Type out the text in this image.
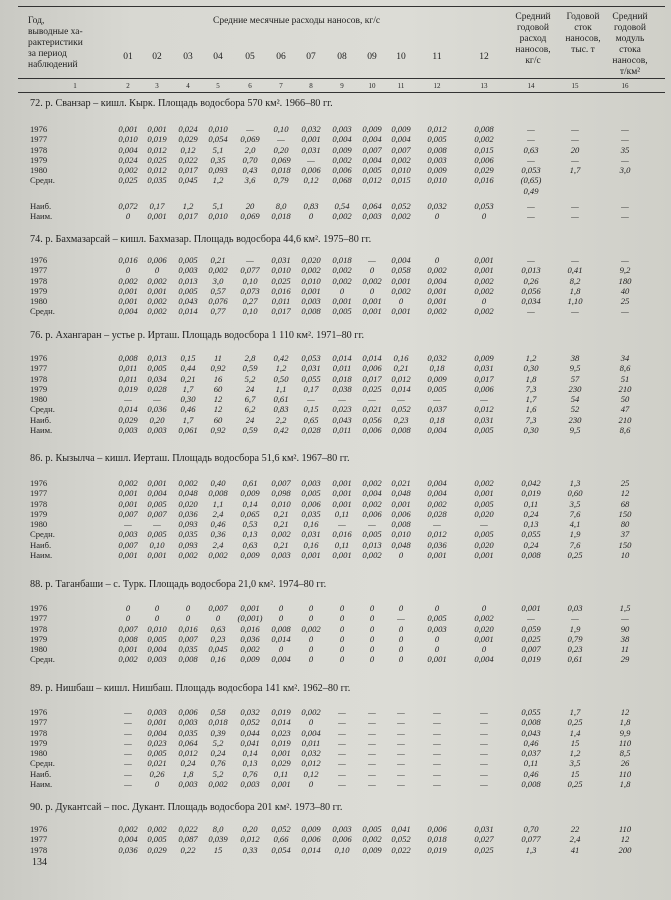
Год,
выводные ха-
рактеристики
за период
наблюдений
Средние месячные расходы наносов, кг/с
01	02	03	04	05	06	07	08	09	10	11	12
Средний
годовой
расход
наносов,
кг/с
Годовой
сток
наносов,
тыс. т
Средний
годовой
модуль
стока
наносов,
т/км²
1	2	3	4	5	6	7	8	9	10	11	12	13	14	15	16
72. р. Сванзар – кишл. Кырк. Площадь водосбора 570 км². 1966–80 гг.
1976	0,001	0,001	0,024	0,010	—	0,10	0,032	0,003	0,009	0,009	0,012	0,008	—	—	—
1977	0,010	0,019	0,029	0,054	0,069	—	0,001	0,004	0,004	0,004	0,005	0,002	—	—	—
1978	0,004	0,012	0,12	5,1	2,0	0,20	0,031	0,009	0,007	0,007	0,008	0,015	0,63	20	35
1979	0,024	0,025	0,022	0,35	0,70	0,069	—	0,002	0,004	0,002	0,003	0,006	—	—	—
1980	0,002	0,012	0,017	0,093	0,43	0,018	0,006	0,006	0,005	0,010	0,009	0,029	0,053	1,7	3,0
Средн.	0,025	0,035	0,045	1,2	3,6	0,79	0,12	0,068	0,012	0,015	0,010	0,016	(0,65)
0,49
Наиб.	0,072	0,17	1,2	5,1	20	8,0	0,83	0,54	0,064	0,052	0,032	0,053	—	—	—
Наим.	0	0,001	0,017	0,010	0,069	0,018	0	0,002	0,003	0,002	0	0	—	—	—
74. р. Бахмазарсай – кишл. Бахмазар. Площадь водосбора 44,6 км². 1975–80 гг.
1976	0,016	0,006	0,005	0,21	—	0,031	0,020	0,018	—	0,004	0	0,001	—	—	—
1977	0	0	0,003	0,002	0,077	0,010	0,002	0,002	0	0,058	0,002	0,001	0,013	0,41	9,2
1978	0,002	0,002	0,013	3,0	0,10	0,025	0,010	0,002	0,002	0,001	0,004	0,002	0,26	8,2	180
1979	0,001	0,001	0,005	0,57	0,073	0,016	0,001	0	0	0,002	0,001	0,002	0,056	1,8	40
1980	0,001	0,002	0,043	0,076	0,27	0,011	0,003	0,001	0,001	0	0,001	0	0,034	1,10	25
Средн.	0,004	0,002	0,014	0,77	0,10	0,017	0,008	0,005	0,001	0,001	0,002	0,002	—	—	—
76. р. Ахангаран – устье р. Ирташ. Площадь водосбора 1 110 км². 1971–80 гг.
1976	0,008	0,013	0,15	11	2,8	0,42	0,053	0,014	0,014	0,16	0,032	0,009	1,2	38	34
1977	0,011	0,005	0,44	0,92	0,59	1,2	0,031	0,011	0,006	0,21	0,18	0,031	0,30	9,5	8,6
1978	0,011	0,034	0,21	16	5,2	0,50	0,055	0,018	0,017	0,012	0,009	0,017	1,8	57	51
1979	0,019	0,028	1,7	60	24	1,1	0,17	0,038	0,025	0,014	0,005	0,006	7,3	230	210
1980	—	—	0,30	12	6,7	0,61	—	—	—	—	—	—	1,7	54	50
Средн.	0,014	0,036	0,46	12	6,2	0,83	0,15	0,023	0,021	0,052	0,037	0,012	1,6	52	47
Наиб.	0,029	0,20	1,7	60	24	2,2	0,65	0,043	0,056	0,23	0,18	0,031	7,3	230	210
Наим.	0,003	0,003	0,061	0,92	0,59	0,42	0,028	0,011	0,006	0,008	0,004	0,005	0,30	9,5	8,6
86. р. Кызылча – кишл. Иерташ. Площадь водосбора 51,6 км². 1967–80 гг.
1976	0,002	0,001	0,002	0,40	0,61	0,007	0,003	0,001	0,002	0,021	0,004	0,002	0,042	1,3	25
1977	0,001	0,004	0,048	0,008	0,009	0,098	0,005	0,001	0,004	0,048	0,004	0,001	0,019	0,60	12
1978	0,001	0,005	0,020	1,1	0,14	0,010	0,006	0,001	0,002	0,001	0,002	0,005	0,11	3,5	68
1979	0,007	0,007	0,036	2,4	0,065	0,21	0,035	0,11	0,006	0,006	0,028	0,020	0,24	7,6	150
1980	—	—	0,093	0,46	0,53	0,21	0,16	—	—	0,008	—	—	0,13	4,1	80
Средн.	0,003	0,005	0,035	0,36	0,13	0,002	0,031	0,016	0,005	0,010	0,012	0,005	0,055	1,9	37
Наиб.	0,007	0,10	0,093	2,4	0,63	0,21	0,16	0,11	0,013	0,048	0,036	0,020	0,24	7,6	150
Наим.	0,001	0,001	0,002	0,002	0,009	0,003	0,001	0,001	0,002	0	0,001	0,001	0,008	0,25	10
88. р. Таганбаши – с. Турк. Площадь водосбора 21,0 км². 1974–80 гг.
1976	0	0	0	0,007	0,001	0	0	0	0	0	0	0	0,001	0,03	1,5
1977	0	0	0	0	(0,001)	0	0	0	0	—	0,005	0,002	—	—	—
1978	0,007	0,010	0,016	0,63	0,016	0,008	0,002	0	0	0	0,003	0,020	0,059	1,9	90
1979	0,008	0,005	0,007	0,23	0,036	0,014	0	0	0	0	0	0,001	0,025	0,79	38
1980	0,001	0,004	0,035	0,045	0,002	0	0	0	0	0	0	0	0,007	0,23	11
Средн.	0,002	0,003	0,008	0,16	0,009	0,004	0	0	0	0	0,001	0,004	0,019	0,61	29
89. р. Нишбаш – кишл. Нишбаш. Площадь водосбора 141 км². 1962–80 гг.
1976	—	0,003	0,006	0,58	0,032	0,019	0,002	—	—	—	—	—	0,055	1,7	12
1977	—	0,001	0,003	0,018	0,052	0,014	0	—	—	—	—	—	0,008	0,25	1,8
1978	—	0,004	0,035	0,39	0,044	0,023	0,004	—	—	—	—	—	0,043	1,4	9,9
1979	—	0,023	0,064	5,2	0,041	0,019	0,011	—	—	—	—	—	0,46	15	110
1980	—	0,005	0,012	0,24	0,14	0,001	0,032	—	—	—	—	—	0,037	1,2	8,5
Средн.	—	0,021	0,24	0,76	0,13	0,029	0,012	—	—	—	—	—	0,11	3,5	26
Наиб.	—	0,26	1,8	5,2	0,76	0,11	0,12	—	—	—	—	—	0,46	15	110
Наим.	—	0	0,003	0,002	0,003	0,001	0	—	—	—	—	—	0,008	0,25	1,8
90. р. Дукантсай – пос. Дукант. Площадь водосбора 201 км². 1973–80 гг.
1976	0,002	0,002	0,022	8,0	0,20	0,052	0,009	0,003	0,005	0,041	0,006	0,031	0,70	22	110
1977	0,004	0,005	0,087	0,039	0,012	0,66	0,006	0,006	0,002	0,052	0,018	0,027	0,077	2,4	12
1978	0,036	0,029	0,22	15	0,33	0,054	0,014	0,10	0,009	0,022	0,019	0,025	1,3	41	200
134
